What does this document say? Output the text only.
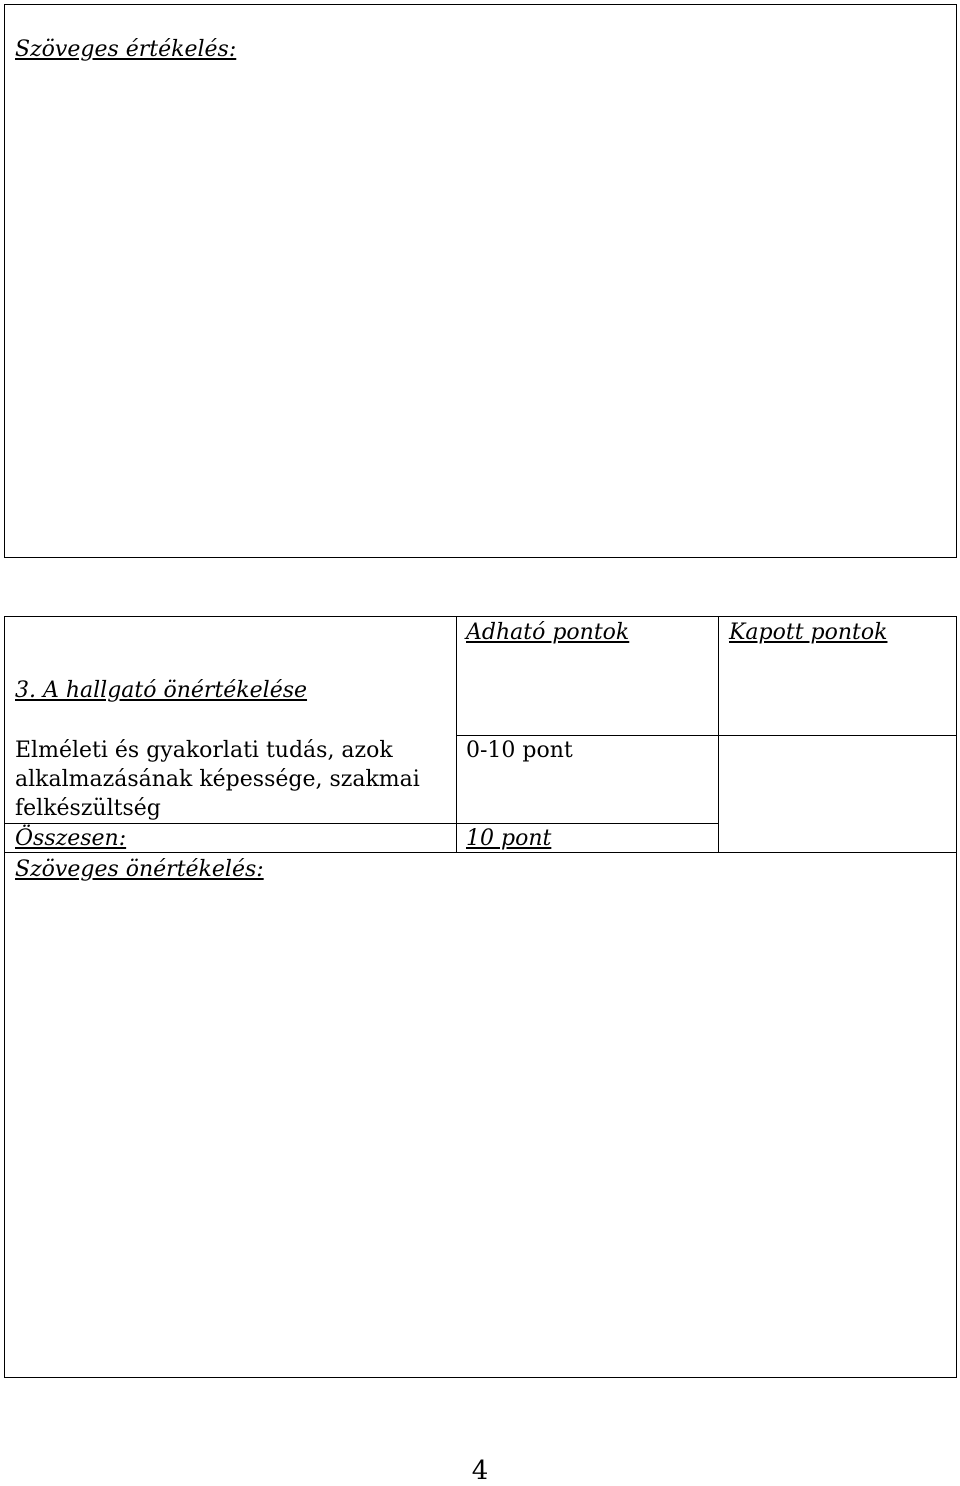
Szöveges értékelés:
Adható pontok	Kapott pontok
3. A hallgató önértékelése
Elméleti és gyakorlati tudás, azok
alkalmazásának képessége, szakmai
felkészültség
0-10 pont
Összesen:	10 pont
Szöveges önértékelés:
4
